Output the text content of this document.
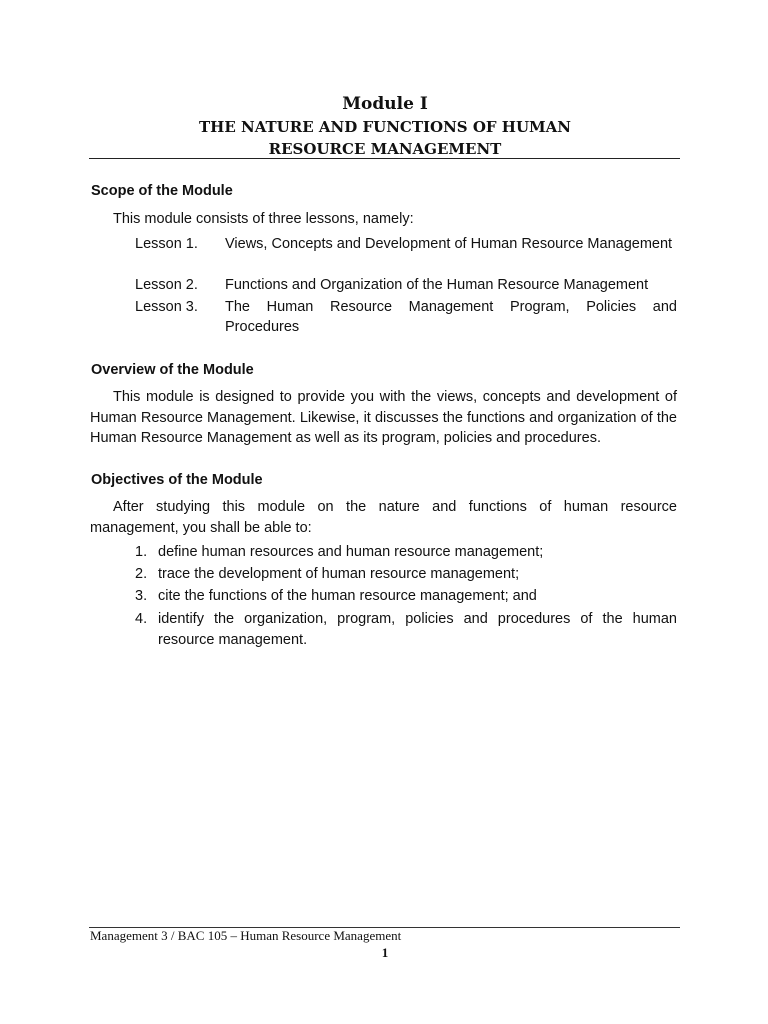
Module I
THE NATURE AND FUNCTIONS OF HUMAN
RESOURCE MANAGEMENT
Scope of the Module
This module consists of three lessons, namely:
Lesson 1.	Views, Concepts and Development of Human Resource Management
Lesson 2.	Functions and Organization of the Human Resource Management
Lesson 3.	The Human Resource Management Program, Policies and Procedures
Overview of the Module
This module is designed to provide you with the views, concepts and development of Human Resource Management. Likewise, it discusses the functions and organization of the Human Resource Management as well as its program, policies and procedures.
Objectives of the Module
After studying this module on the nature and functions of human resource management, you shall be able to:
1. define human resources and human resource management;
2. trace the development of human resource management;
3. cite the functions of the human resource management; and
4. identify the organization, program, policies and procedures of the human resource management.
Management 3 / BAC 105 – Human Resource Management
1
